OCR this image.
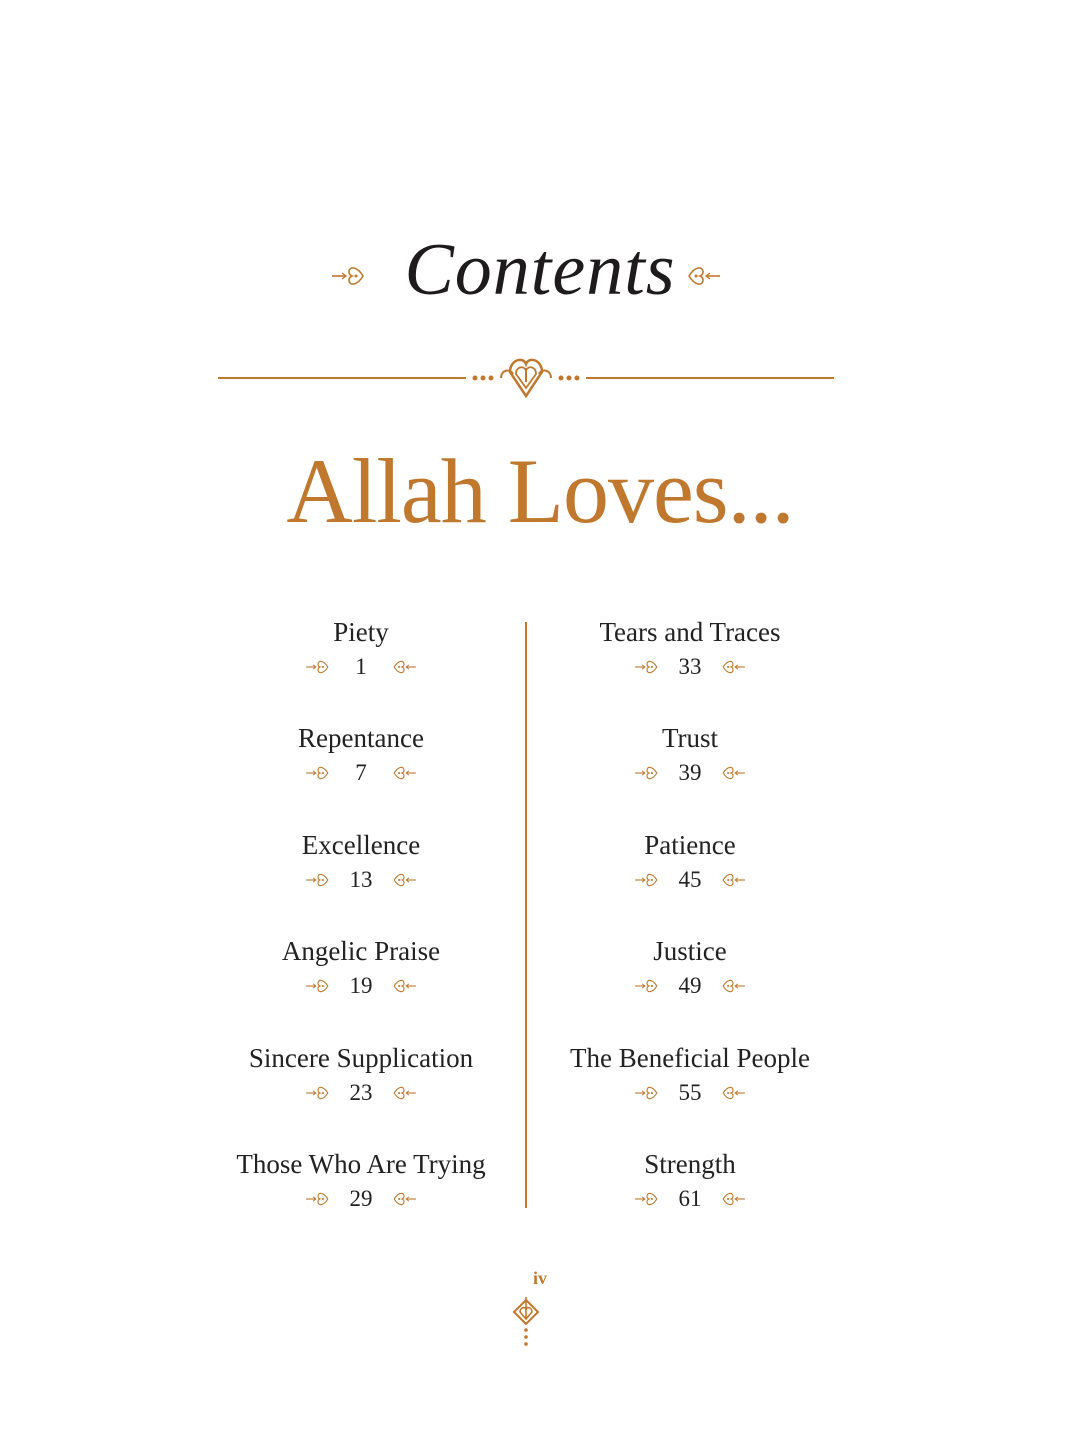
Contents
Allah Loves...
Piety
1
Repentance
7
Excellence
13
Angelic Praise
19
Sincere Supplication
23
Those Who Are Trying
29
Tears and Traces
33
Trust
39
Patience
45
Justice
49
The Beneficial People
55
Strength
61
iv
